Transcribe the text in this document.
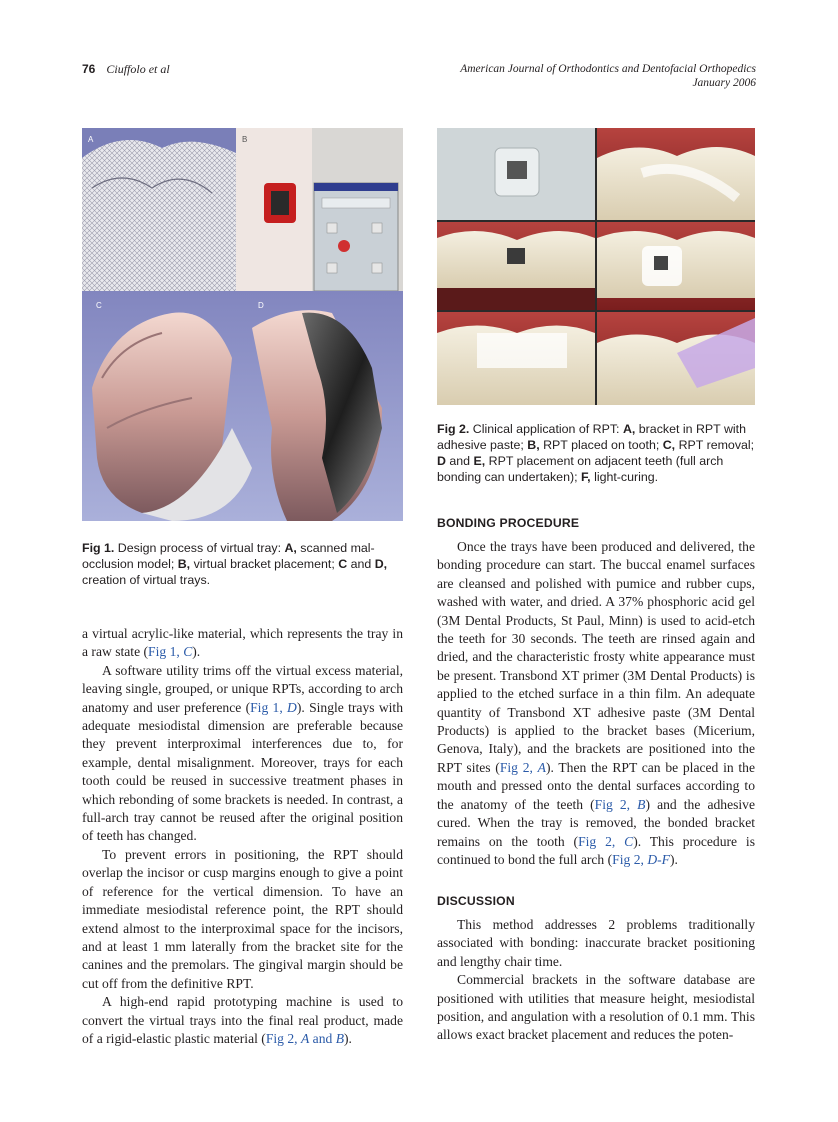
76 Ciuffolo et al	American Journal of Orthodontics and Dentofacial Orthopedics
January 2006
A	B
C	D
Fig 1. Design process of virtual tray: A, scanned mal-occlusion model; B, virtual bracket placement; C and D, creation of virtual trays.
Fig 2. Clinical application of RPT: A, bracket in RPT with adhesive paste; B, RPT placed on tooth; C, RPT removal; D and E, RPT placement on adjacent teeth (full arch bonding can undertaken); F, light-curing.

a virtual acrylic-like material, which represents the tray in a raw state (Fig 1, C).

A software utility trims off the virtual excess material, leaving single, grouped, or unique RPTs, according to arch anatomy and user preference (Fig 1, D). Single trays with adequate mesiodistal dimension are preferable because they prevent interproximal interferences due to, for example, dental misalignment. Moreover, trays for each tooth could be reused in successive treatment phases in which rebonding of some brackets is needed. In contrast, a full-arch tray cannot be reused after the original position of teeth has changed.

To prevent errors in positioning, the RPT should overlap the incisor or cusp margins enough to give a point of reference for the vertical dimension. To have an immediate mesiodistal reference point, the RPT should extend almost to the interproximal space for the incisors, and at least 1 mm laterally from the bracket site for the canines and the premolars. The gingival margin should be cut off from the definitive RPT.

A high-end rapid prototyping machine is used to convert the virtual trays into the final real product, made of a rigid-elastic plastic material (Fig 2, A and B).

BONDING PROCEDURE

Once the trays have been produced and delivered, the bonding procedure can start. The buccal enamel surfaces are cleansed and polished with pumice and rubber cups, washed with water, and dried. A 37% phosphoric acid gel (3M Dental Products, St Paul, Minn) is used to acid-etch the teeth for 30 seconds. The teeth are rinsed again and dried, and the characteristic frosty white appearance must be present. Transbond XT primer (3M Dental Products) is applied to the etched surface in a thin film. An adequate quantity of Transbond XT adhesive paste (3M Dental Products) is applied to the bracket bases (Micerium, Genova, Italy), and the brackets are positioned into the RPT sites (Fig 2, A). Then the RPT can be placed in the mouth and pressed onto the dental surfaces according to the anatomy of the teeth (Fig 2, B) and the adhesive cured. When the tray is removed, the bonded bracket remains on the tooth (Fig 2, C). This procedure is continued to bond the full arch (Fig 2, D-F).

DISCUSSION

This method addresses 2 problems traditionally associated with bonding: inaccurate bracket positioning and lengthy chair time.

Commercial brackets in the software database are positioned with utilities that measure height, mesiodistal position, and angulation with a resolution of 0.1 mm. This allows exact bracket placement and reduces the poten-
